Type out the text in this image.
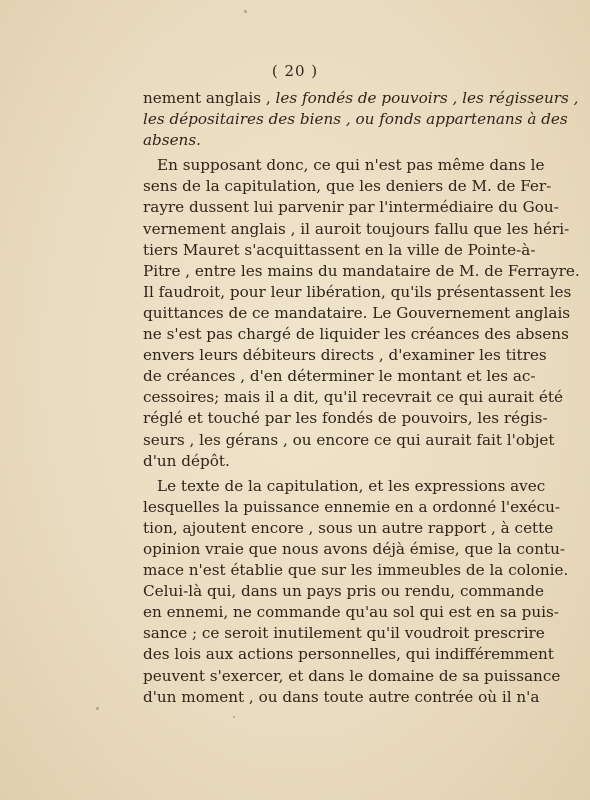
( 20 )
nement anglais , les fondés de pouvoirs , les régisseurs ,
les dépositaires des biens , ou fonds appartenans à des
absens.
En supposant donc, ce qui n'est pas même dans le
sens de la capitulation, que les deniers de M. de Fer-
rayre dussent lui parvenir par l'intermédiaire du Gou-
vernement anglais , il auroit toujours fallu que les héri-
tiers Mauret s'acquittassent en la ville de Pointe-à-
Pitre , entre les mains du mandataire de M. de Ferrayre.
Il faudroit, pour leur libération, qu'ils présentassent les
quittances de ce mandataire. Le Gouvernement anglais
ne s'est pas chargé de liquider les créances des absens
envers leurs débiteurs directs , d'examiner les titres
de créances , d'en déterminer le montant et les ac-
cessoires; mais il a dit, qu'il recevrait ce qui aurait été
réglé et touché par les fondés de pouvoirs, les régis-
seurs , les gérans , ou encore ce qui aurait fait l'objet
d'un dépôt.
Le texte de la capitulation, et les expressions avec
lesquelles la puissance ennemie en a ordonné l'exécu-
tion, ajoutent encore , sous un autre rapport , à cette
opinion vraie que nous avons déjà émise, que la contu-
mace n'est établie que sur les immeubles de la colonie.
Celui-là qui, dans un pays pris ou rendu, commande
en ennemi, ne commande qu'au sol qui est en sa puis-
sance ; ce seroit inutilement qu'il voudroit prescrire
des lois aux actions personnelles, qui indifféremment
peuvent s'exercer, et dans le domaine de sa puissance
d'un moment , ou dans toute autre contrée où il n'a
